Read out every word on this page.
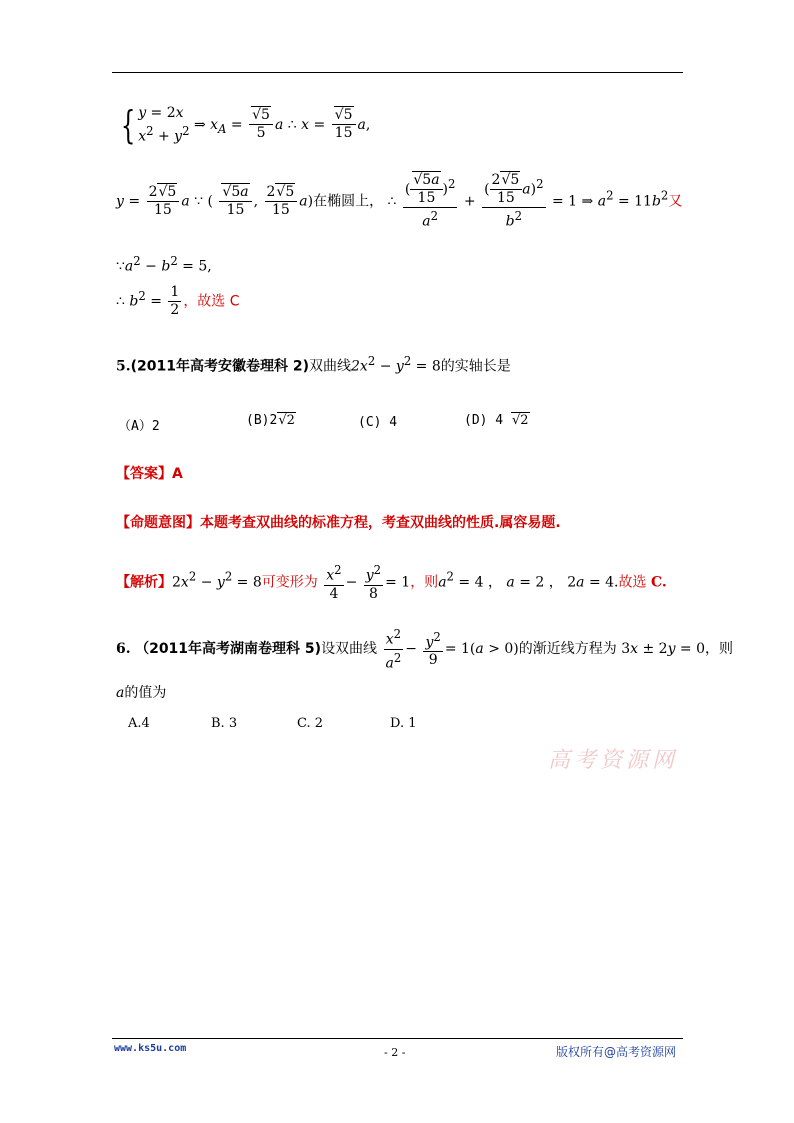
{ y = 2x
$x^2 + y^2$ ⇒ $x_A = \frac{√5}{5}$ a ∴ $x = \frac{√5}{15} a$,
$y = \frac{2√5}{15}$ a ∵ ( $\frac{√5a}{15}$ , $\frac{2√5}{15} a$)在椭圆上， ∴ $\frac{( \frac{√5a}{15} )^2}{a^2} + \frac{( \frac{2√5}{15} a)^2}{b^2} = 1$ ⇒ $a^2 = 11b^2$又
$\because a^2 - b^2 = 5$,
∴ $b^2 = \frac{1}{2}$ ，故选 C
5.(2011年高考安徽卷理科 2)双曲线$2x^2 - y^2 = 8$的实轴长是
（A）2	(B)2√2	(C) 4	(D) 4 √2
【答案】A
【命题意图】本题考查双曲线的标准方程，考查双曲线的性质.属容易题.
【解析】$2x^2 - y^2 = 8$可变形为 $\frac{x^2}{4} - \frac{y^2}{8} = 1$，则$a^2 = 4$ ， a = 2 ， 2a = 4.故选 C.
6. （2011年高考湖南卷理科 5)设双曲线 $\frac{x^2}{a^2} - \frac{y^2}{9} = 1(a > 0)$的渐近线方程为 3x ± 2y = 0，则
a的值为
A.4	B. 3	C. 2	D. 1
高考资源网
www.ks5u.com	- 2 -	版权所有@高考资源网
